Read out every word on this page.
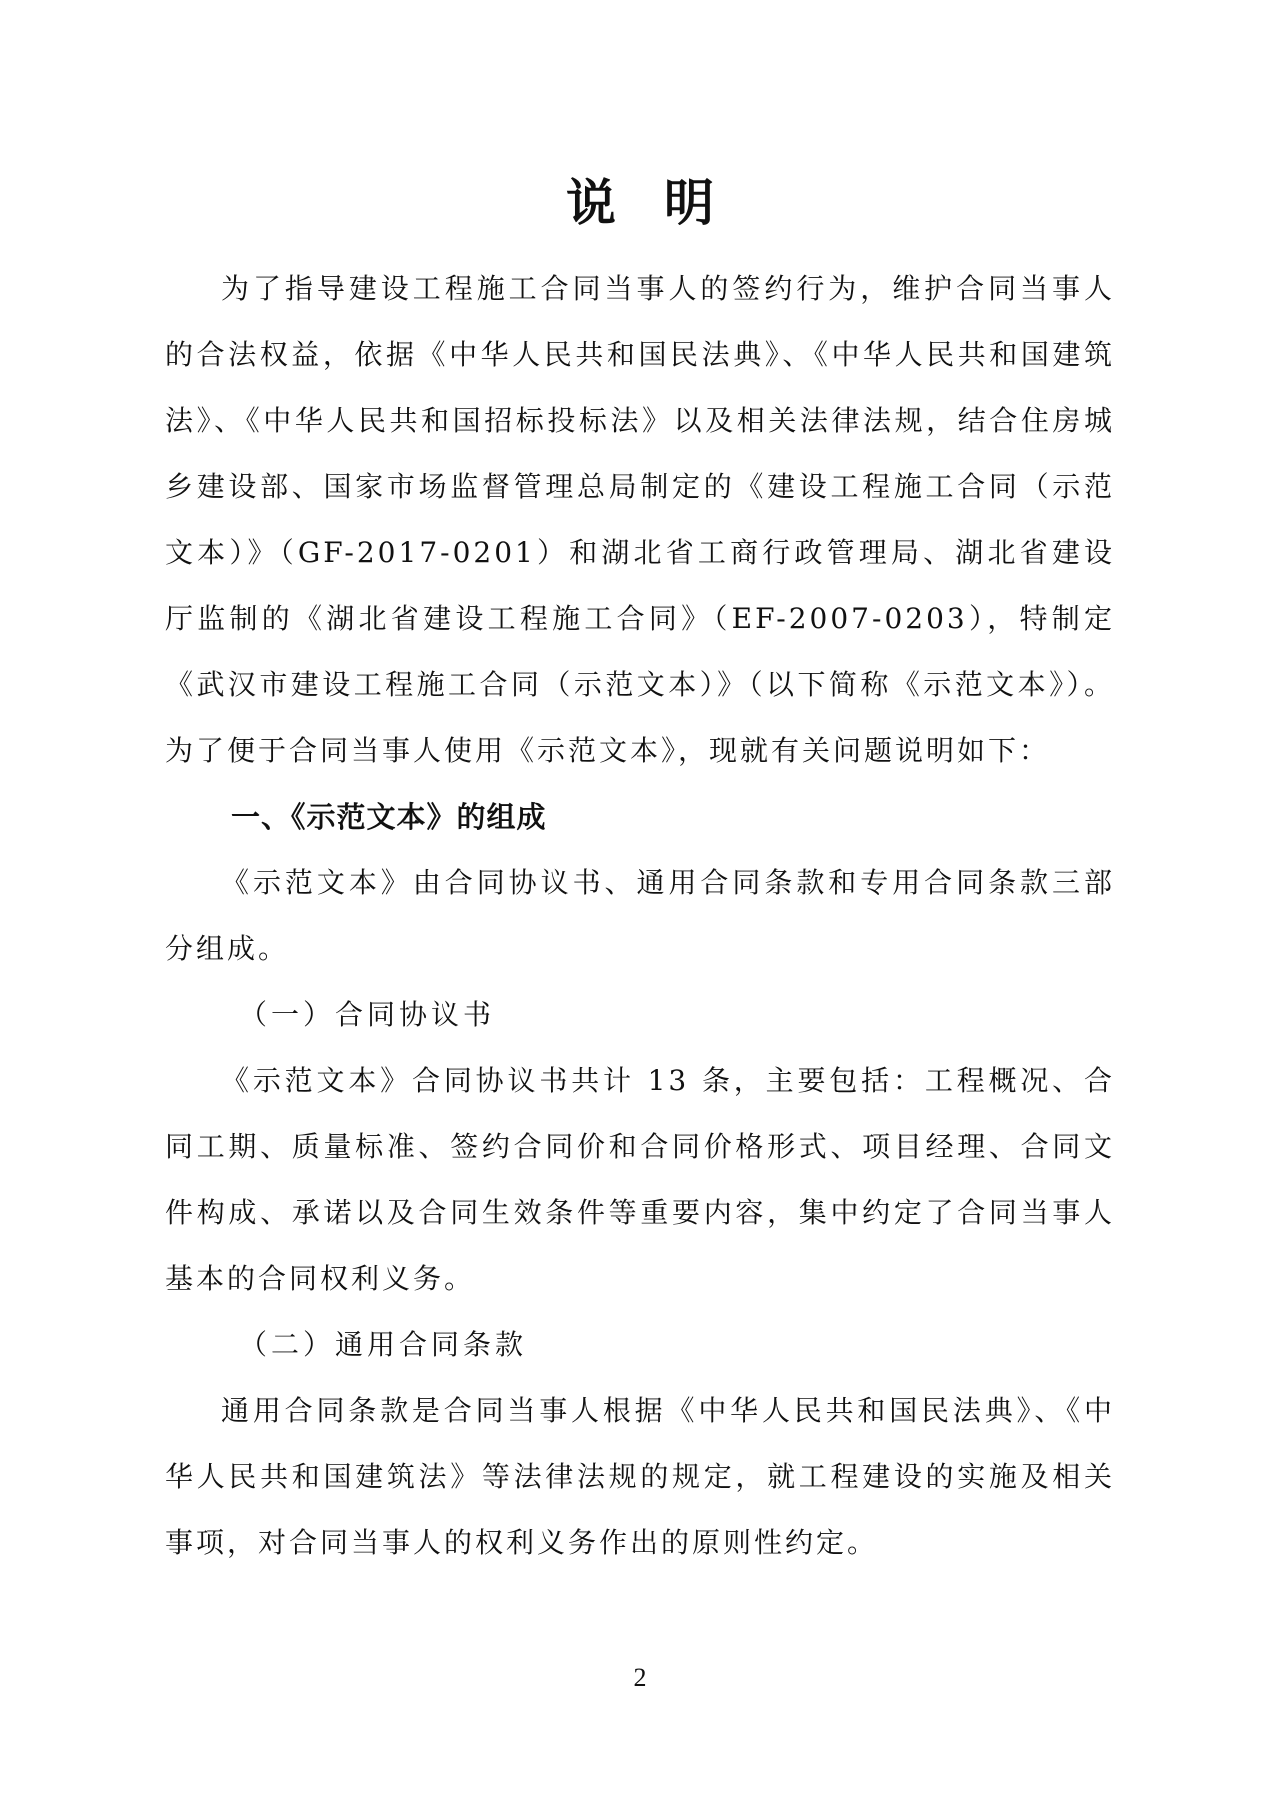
说明

为了指导建设工程施工合同当事人的签约行为，维护合同当事人的合法权益，依据《中华人民共和国民法典》、《中华人民共和国建筑法》、《中华人民共和国招标投标法》以及相关法律法规，结合住房城乡建设部、国家市场监督管理总局制定的《建设工程施工合同（示范文本）》（GF-2017-0201）和湖北省工商行政管理局、湖北省建设厅监制的《湖北省建设工程施工合同》（EF-2007-0203），特制定《武汉市建设工程施工合同（示范文本）》（以下简称《示范文本》）。为了便于合同当事人使用《示范文本》，现就有关问题说明如下：

一、《示范文本》的组成

《示范文本》由合同协议书、通用合同条款和专用合同条款三部分组成。

（一）合同协议书

《示范文本》合同协议书共计 13 条，主要包括：工程概况、合同工期、质量标准、签约合同价和合同价格形式、项目经理、合同文件构成、承诺以及合同生效条件等重要内容，集中约定了合同当事人基本的合同权利义务。

（二）通用合同条款

通用合同条款是合同当事人根据《中华人民共和国民法典》、《中华人民共和国建筑法》等法律法规的规定，就工程建设的实施及相关事项，对合同当事人的权利义务作出的原则性约定。

2
